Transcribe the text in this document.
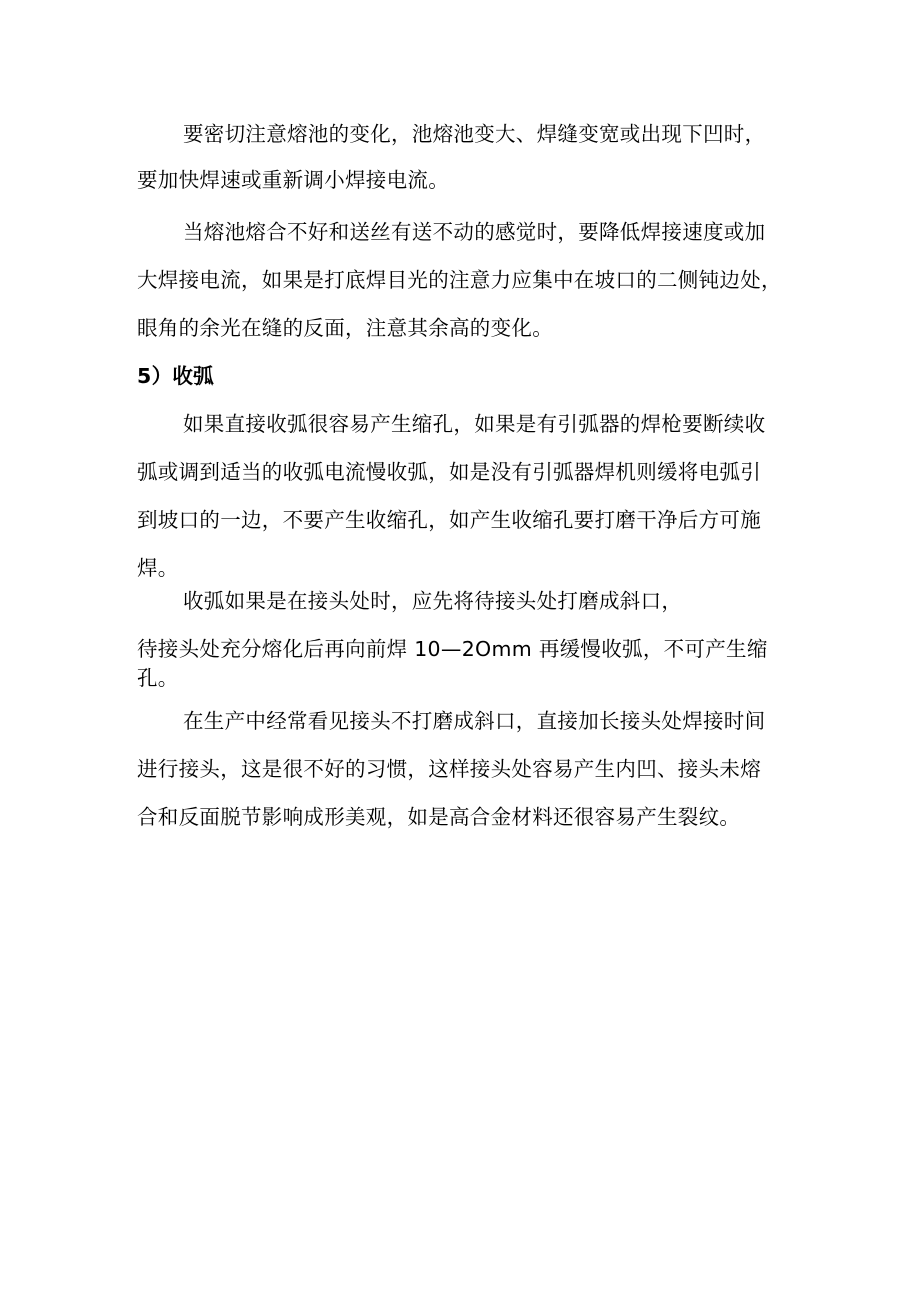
要密切注意熔池的变化，池熔池变大、焊缝变宽或出现下凹时，
要加快焊速或重新调小焊接电流。
当熔池熔合不好和送丝有送不动的感觉时，要降低焊接速度或加
大焊接电流，如果是打底焊目光的注意力应集中在坡口的二侧钝边处，
眼角的余光在缝的反面，注意其余高的变化。
5）收弧
如果直接收弧很容易产生缩孔，如果是有引弧器的焊枪要断续收
弧或调到适当的收弧电流慢收弧，如是没有引弧器焊机则缓将电弧引
到坡口的一边，不要产生收缩孔，如产生收缩孔要打磨干净后方可施
焊。
收弧如果是在接头处时，应先将待接头处打磨成斜口，
待接头处充分熔化后再向前焊 10—2Omm 再缓慢收弧，不可产生缩
孔。
在生产中经常看见接头不打磨成斜口，直接加长接头处焊接时间
进行接头，这是很不好的习惯，这样接头处容易产生内凹、接头未熔
合和反面脱节影响成形美观，如是高合金材料还很容易产生裂纹。
